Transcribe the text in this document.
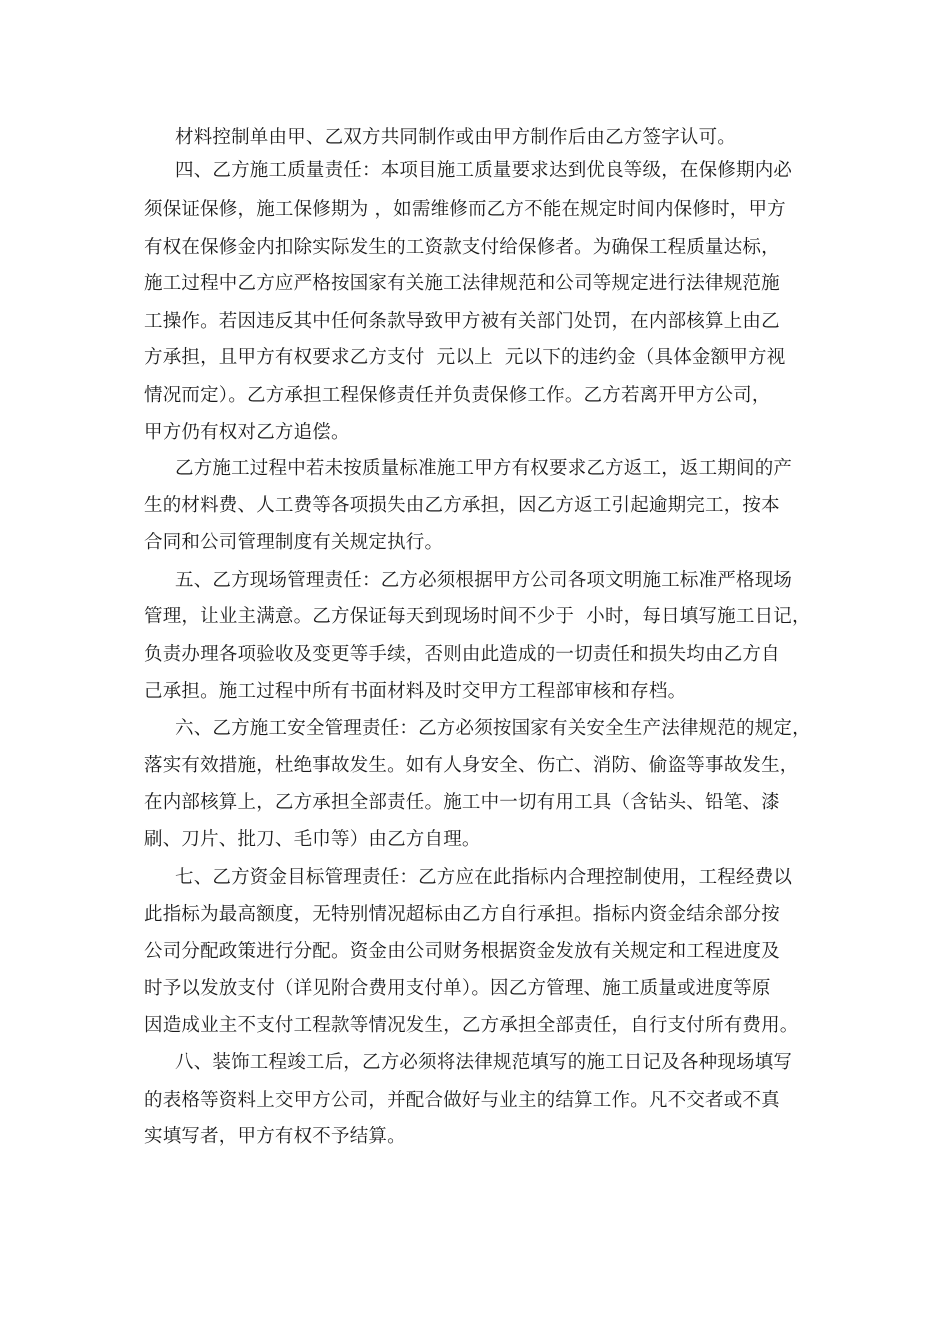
材料控制单由甲、乙双方共同制作或由甲方制作后由乙方签字认可。
四、乙方施工质量责任：本项目施工质量要求达到优良等级，在保修期内必
须保证保修，施工保修期为 ，如需维修而乙方不能在规定时间内保修时，甲方
有权在保修金内扣除实际发生的工资款支付给保修者。为确保工程质量达标，
施工过程中乙方应严格按国家有关施工法律规范和公司等规定进行法律规范施
工操作。若因违反其中任何条款导致甲方被有关部门处罚，在内部核算上由乙
方承担，且甲方有权要求乙方支付  元以上  元以下的违约金（具体金额甲方视
情况而定）。乙方承担工程保修责任并负责保修工作。乙方若离开甲方公司，
甲方仍有权对乙方追偿。
乙方施工过程中若未按质量标准施工甲方有权要求乙方返工，返工期间的产
生的材料费、人工费等各项损失由乙方承担，因乙方返工引起逾期完工，按本
合同和公司管理制度有关规定执行。
五、乙方现场管理责任：乙方必须根据甲方公司各项文明施工标准严格现场
管理，让业主满意。乙方保证每天到现场时间不少于  小时，每日填写施工日记，
负责办理各项验收及变更等手续，否则由此造成的一切责任和损失均由乙方自
己承担。施工过程中所有书面材料及时交甲方工程部审核和存档。
六、乙方施工安全管理责任：乙方必须按国家有关安全生产法律规范的规定，
落实有效措施，杜绝事故发生。如有人身安全、伤亡、消防、偷盗等事故发生，
在内部核算上，乙方承担全部责任。施工中一切有用工具（含钻头、铅笔、漆
刷、刀片、批刀、毛巾等）由乙方自理。
七、乙方资金目标管理责任：乙方应在此指标内合理控制使用，工程经费以
此指标为最高额度，无特别情况超标由乙方自行承担。指标内资金结余部分按
公司分配政策进行分配。资金由公司财务根据资金发放有关规定和工程进度及
时予以发放支付（详见附合费用支付单）。因乙方管理、施工质量或进度等原
因造成业主不支付工程款等情况发生，乙方承担全部责任，自行支付所有费用。
八、装饰工程竣工后，乙方必须将法律规范填写的施工日记及各种现场填写
的表格等资料上交甲方公司，并配合做好与业主的结算工作。凡不交者或不真
实填写者，甲方有权不予结算。
